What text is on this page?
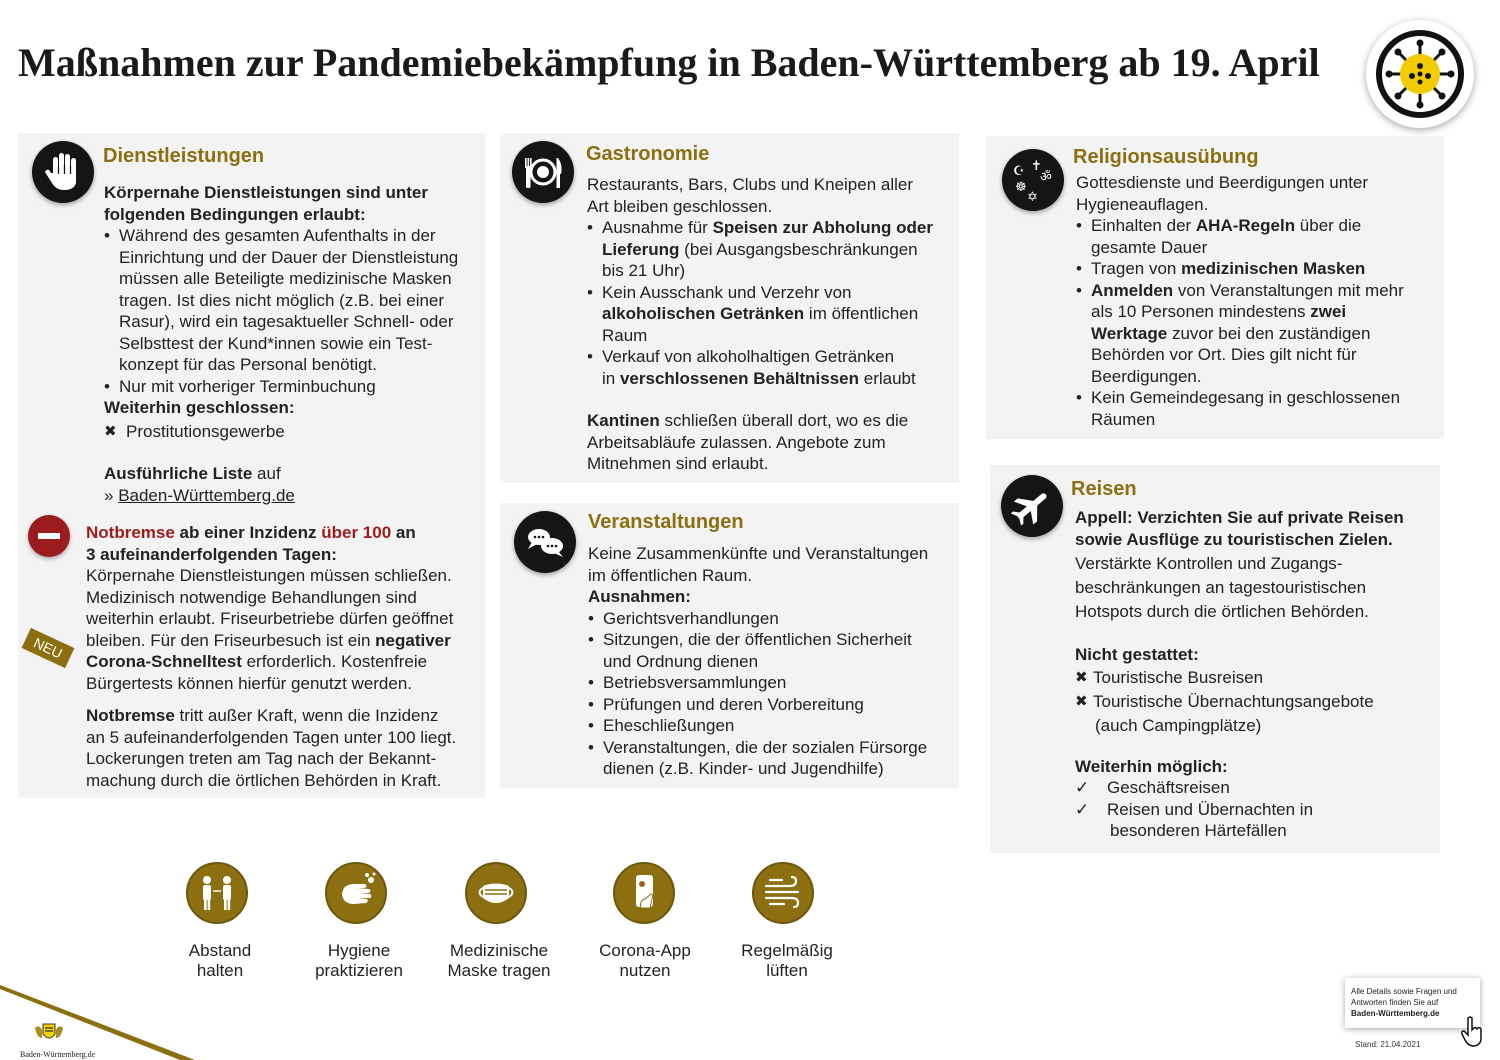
Maßnahmen zur Pandemiebekämpfung in Baden-Württemberg ab 19. April
Dienstleistungen
Körpernahe Dienstleistungen sind unter
folgenden Bedingungen erlaubt:
• Während des gesamten Aufenthalts in der
Einrichtung und der Dauer der Dienstleistung
müssen alle Beteiligte medizinische Masken
tragen. Ist dies nicht möglich (z.B. bei einer
Rasur), wird ein tagesaktueller Schnell- oder
Selbsttest der Kund*innen sowie ein Test-
konzept für das Personal benötigt.
• Nur mit vorheriger Terminbuchung
Weiterhin geschlossen:
✖ Prostitutionsgewerbe
Ausführliche Liste auf
» Baden-Württemberg.de
NEU
Notbremse ab einer Inzidenz über 100 an
3 aufeinanderfolgenden Tagen:
Körpernahe Dienstleistungen müssen schließen.
Medizinisch notwendige Behandlungen sind
weiterhin erlaubt. Friseurbetriebe dürfen geöffnet
bleiben. Für den Friseurbesuch ist ein negativer
Corona-Schnelltest erforderlich. Kostenfreie
Bürgertests können hierfür genutzt werden.
Notbremse tritt außer Kraft, wenn die Inzidenz
an 5 aufeinanderfolgenden Tagen unter 100 liegt.
Lockerungen treten am Tag nach der Bekannt-
machung durch die örtlichen Behörden in Kraft.
Gastronomie
Restaurants, Bars, Clubs und Kneipen aller
Art bleiben geschlossen.
• Ausnahme für Speisen zur Abholung oder
Lieferung (bei Ausgangsbeschränkungen
bis 21 Uhr)
• Kein Ausschank und Verzehr von
alkoholischen Getränken im öffentlichen
Raum
• Verkauf von alkoholhaltigen Getränken
in verschlossenen Behältnissen erlaubt
Kantinen schließen überall dort, wo es die
Arbeitsabläufe zulassen. Angebote zum
Mitnehmen sind erlaubt.
Veranstaltungen
Keine Zusammenkünfte und Veranstaltungen
im öffentlichen Raum.
Ausnahmen:
• Gerichtsverhandlungen
• Sitzungen, die der öffentlichen Sicherheit
und Ordnung dienen
• Betriebsversammlungen
• Prüfungen und deren Vorbereitung
• Eheschließungen
• Veranstaltungen, die der sozialen Fürsorge
dienen (z.B. Kinder- und Jugendhilfe)
☪ ✝
☸
ॐ
✡
Religionsausübung
Gottesdienste und Beerdigungen unter
Hygieneauflagen.
• Einhalten der AHA-Regeln über die
gesamte Dauer
• Tragen von medizinischen Masken
• Anmelden von Veranstaltungen mit mehr
als 10 Personen mindestens zwei
Werktage zuvor bei den zuständigen
Behörden vor Ort. Dies gilt nicht für
Beerdigungen.
• Kein Gemeindegesang in geschlossenen
Räumen
Reisen
Appell: Verzichten Sie auf private Reisen
sowie Ausflüge zu touristischen Zielen.
Verstärkte Kontrollen und Zugangs-
beschränkungen an tagestouristischen
Hotspots durch die örtlichen Behörden.
Nicht gestattet:
✖ Touristische Busreisen
✖ Touristische Übernachtungsangebote
(auch Campingplätze)
Weiterhin möglich:
✓ Geschäftsreisen
✓ Reisen und Übernachten in
besonderen Härtefällen
Abstand
halten
Hygiene
praktizieren
Medizinische
Maske tragen
Corona-App
nutzen
Regelmäßig
lüften
Baden-Württemberg.de
Alle Details sowie Fragen und
Antworten finden Sie auf
Baden-Württemberg.de
Stand: 21.04.2021
